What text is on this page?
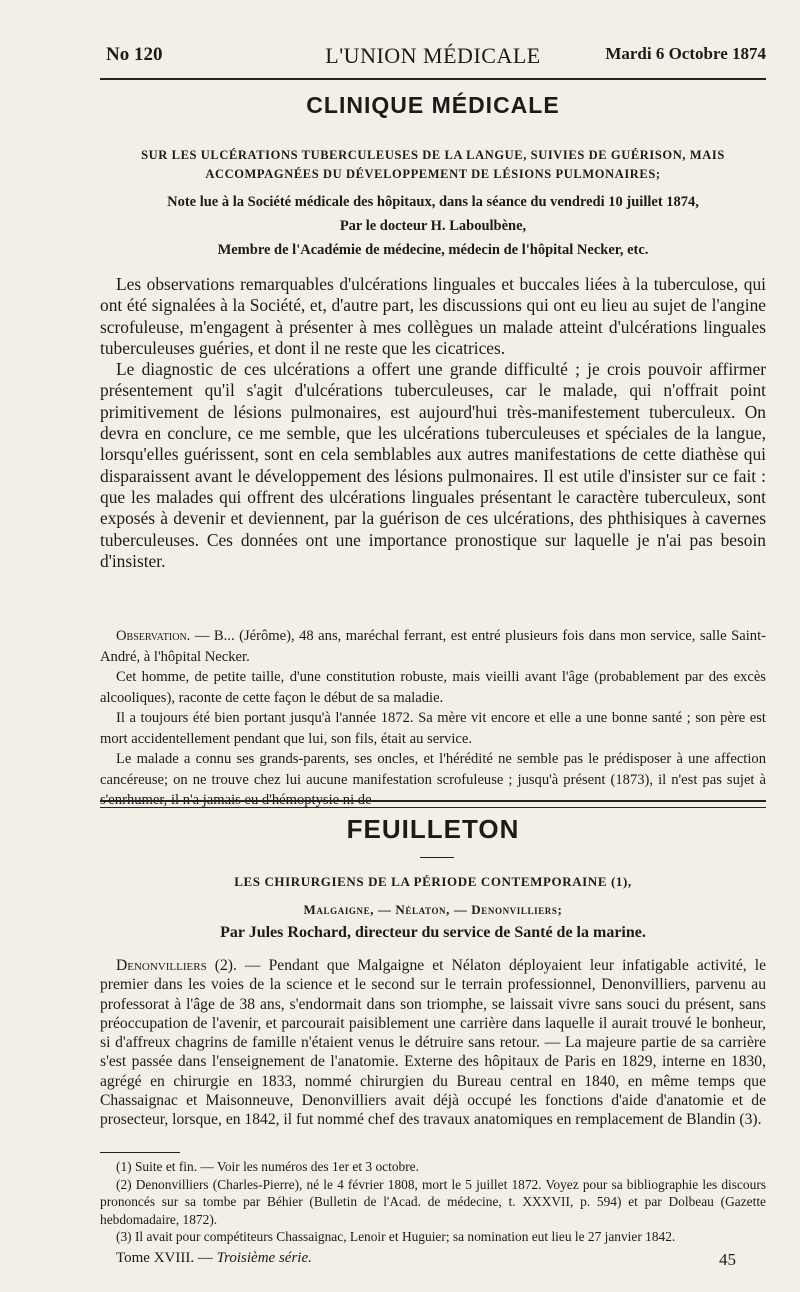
No 120	L'UNION MÉDICALE	Mardi 6 Octobre 1874
CLINIQUE MÉDICALE
SUR LES ULCÉRATIONS TUBERCULEUSES DE LA LANGUE, SUIVIES DE GUÉRISON, MAIS
ACCOMPAGNÉES DU DÉVELOPPEMENT DE LÉSIONS PULMONAIRES;
Note lue à la Société médicale des hôpitaux, dans la séance du vendredi 10 juillet 1874,
Par le docteur H. Laboulbène,
Membre de l'Académie de médecine, médecin de l'hôpital Necker, etc.

Les observations remarquables d'ulcérations linguales et buccales liées à la tuberculose, qui ont été signalées à la Société, et, d'autre part, les discussions qui ont eu lieu au sujet de l'angine scrofuleuse, m'engagent à présenter à mes collègues un malade atteint d'ulcérations linguales tuberculeuses guéries, et dont il ne reste que les cicatrices.

Le diagnostic de ces ulcérations a offert une grande difficulté ; je crois pouvoir affirmer présentement qu'il s'agit d'ulcérations tuberculeuses, car le malade, qui n'offrait point primitivement de lésions pulmonaires, est aujourd'hui très-manifestement tuberculeux. On devra en conclure, ce me semble, que les ulcérations tuberculeuses et spéciales de la langue, lorsqu'elles guérissent, sont en cela semblables aux autres manifestations de cette diathèse qui disparaissent avant le développement des lésions pulmonaires. Il est utile d'insister sur ce fait : que les malades qui offrent des ulcérations linguales présentant le caractère tuberculeux, sont exposés à devenir et deviennent, par la guérison de ces ulcérations, des phthisiques à cavernes tuberculeuses. Ces données ont une importance pronostique sur laquelle je n'ai pas besoin d'insister.

Observation. — B... (Jérôme), 48 ans, maréchal ferrant, est entré plusieurs fois dans mon service, salle Saint-André, à l'hôpital Necker.

Cet homme, de petite taille, d'une constitution robuste, mais vieilli avant l'âge (probablement par des excès alcooliques), raconte de cette façon le début de sa maladie.

Il a toujours été bien portant jusqu'à l'année 1872. Sa mère vit encore et elle a une bonne santé ; son père est mort accidentellement pendant que lui, son fils, était au service.

Le malade a connu ses grands-parents, ses oncles, et l'hérédité ne semble pas le prédisposer à une affection cancéreuse; on ne trouve chez lui aucune manifestation scrofuleuse ; jusqu'à présent (1873), il n'est pas sujet à s'enrhumer, il n'a jamais eu d'hémoptysie ni de

FEUILLETON
LES CHIRURGIENS DE LA PÉRIODE CONTEMPORAINE (1),
Malgaigne, — Nélaton, — Denonvilliers;
Par Jules Rochard, directeur du service de Santé de la marine.

Denonvilliers (2). — Pendant que Malgaigne et Nélaton déployaient leur infatigable activité, le premier dans les voies de la science et le second sur le terrain professionnel, Denonvilliers, parvenu au professorat à l'âge de 38 ans, s'endormait dans son triomphe, se laissait vivre sans souci du présent, sans préoccupation de l'avenir, et parcourait paisiblement une carrière dans laquelle il aurait trouvé le bonheur, si d'affreux chagrins de famille n'étaient venus le détruire sans retour. — La majeure partie de sa carrière s'est passée dans l'enseignement de l'anatomie. Externe des hôpitaux de Paris en 1829, interne en 1830, agrégé en chirurgie en 1833, nommé chirurgien du Bureau central en 1840, en même temps que Chassaignac et Maisonneuve, Denonvilliers avait déjà occupé les fonctions d'aide d'anatomie et de prosecteur, lorsque, en 1842, il fut nommé chef des travaux anatomiques en remplacement de Blandin (3).

(1) Suite et fin. — Voir les numéros des 1er et 3 octobre.

(2) Denonvilliers (Charles-Pierre), né le 4 février 1808, mort le 5 juillet 1872. Voyez pour sa bibliographie les discours prononcés sur sa tombe par Béhier (Bulletin de l'Acad. de médecine, t. XXXVII, p. 594) et par Dolbeau (Gazette hebdomadaire, 1872).

(3) Il avait pour compétiteurs Chassaignac, Lenoir et Huguier; sa nomination eut lieu le 27 janvier 1842.

Tome XVIII. — Troisième série.	45
